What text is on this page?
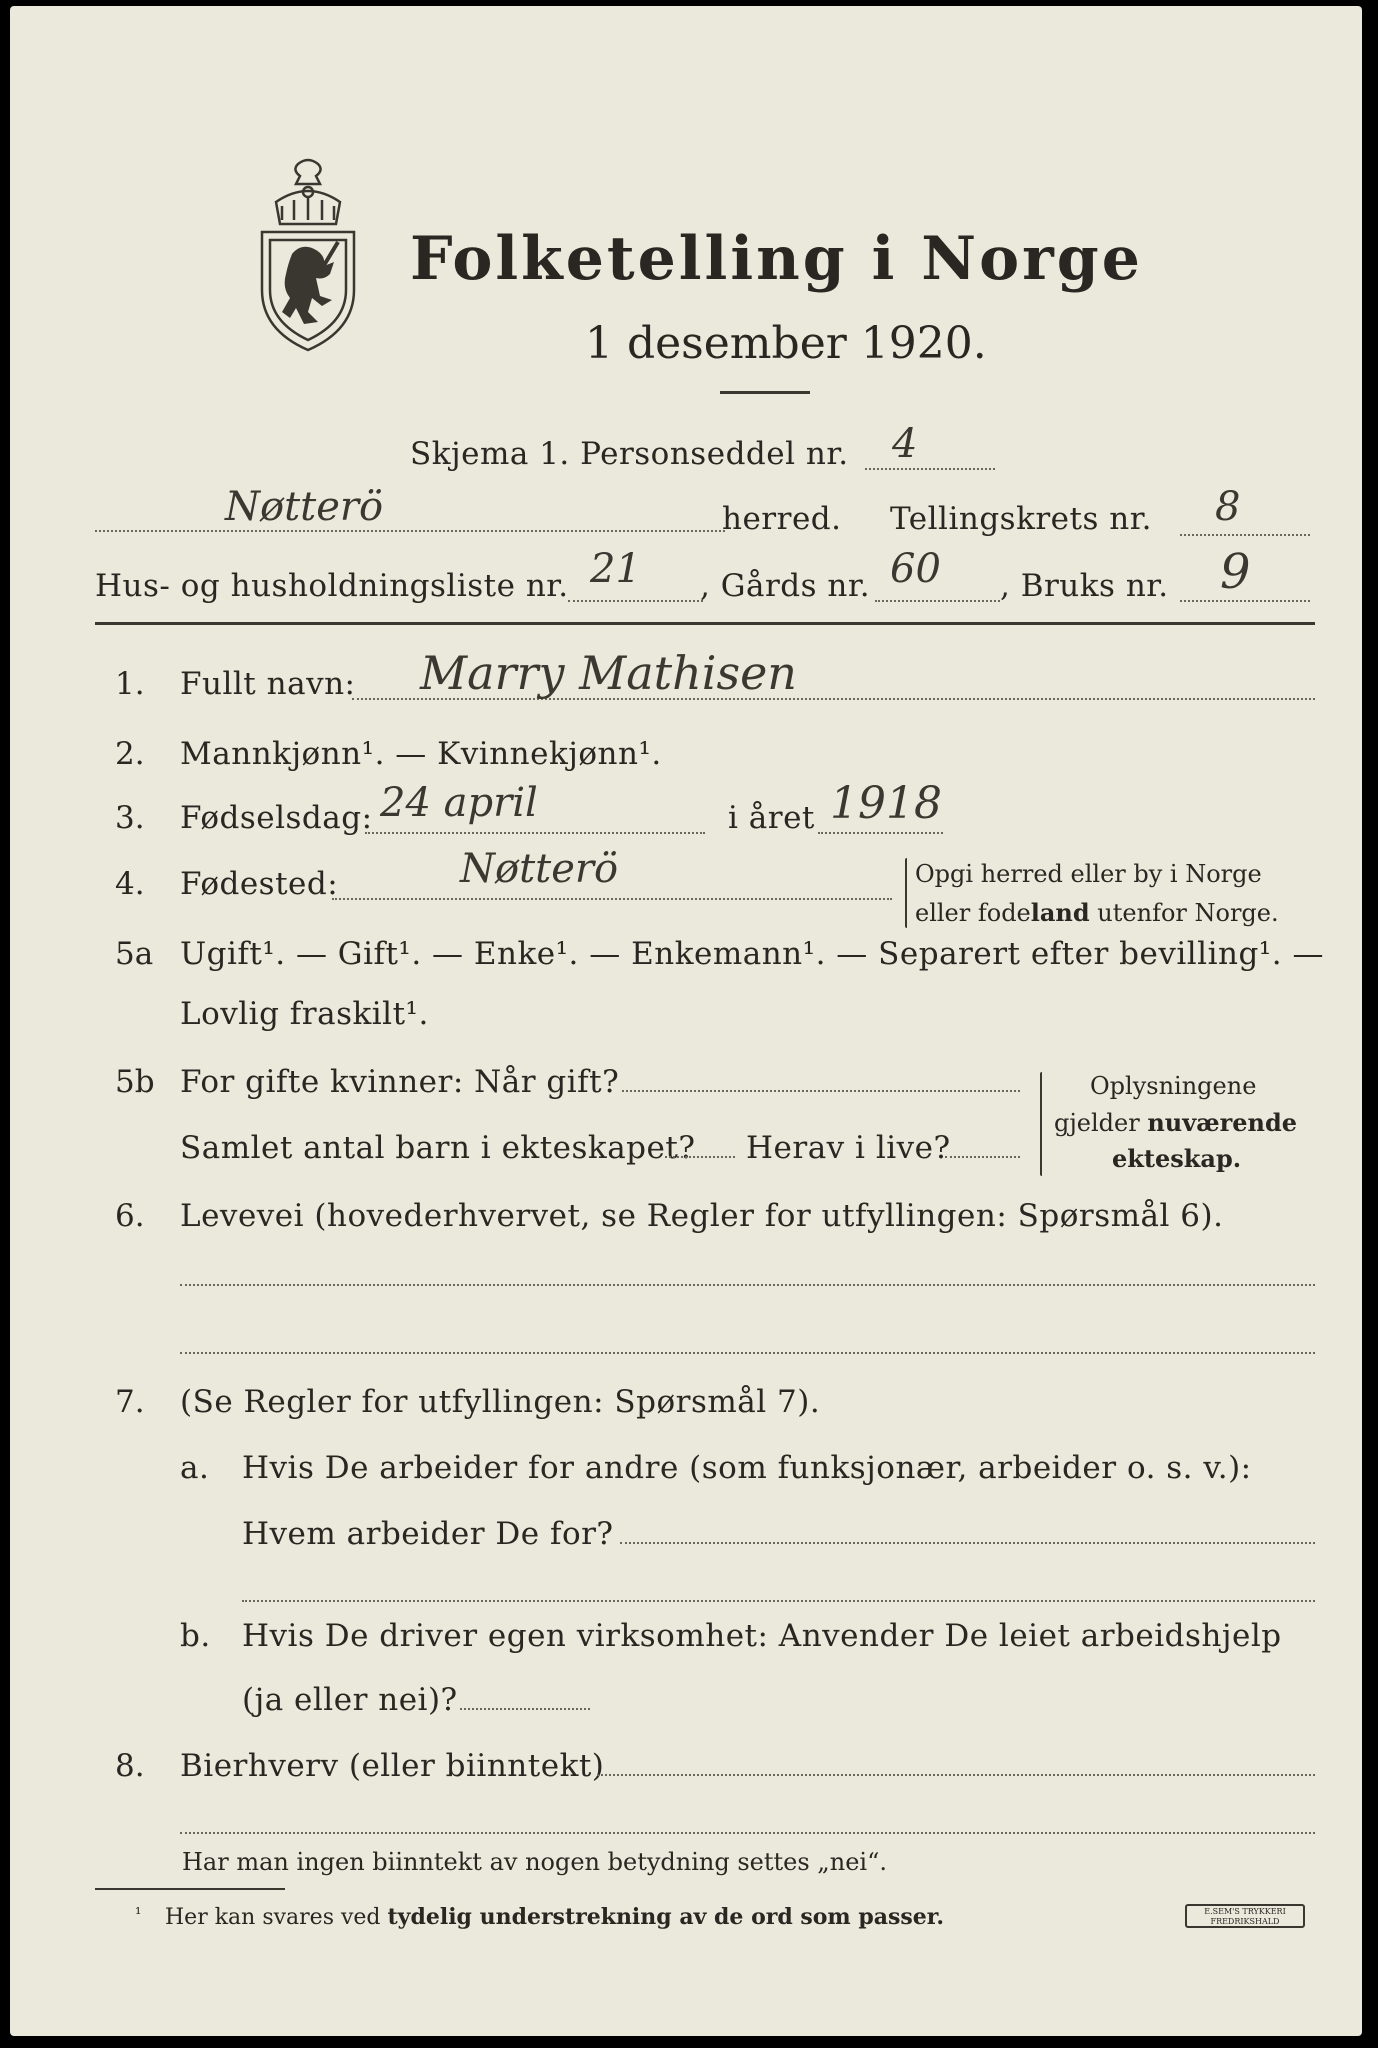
Folketelling i Norge
1 desember 1920.
Skjema 1. Personseddel nr. 4
Nøtterö	herred. Tellingskrets nr. 8
Hus- og husholdningsliste nr. 21 , Gårds nr. 60 , Bruks nr. 9
1. Fullt navn: Marry Mathisen
2. Mannkjønn¹. — Kvinnekjønn¹.
3. Fødselsdag: 24 april	i året 1918
4. Fødested:	Nøtterö	Opgi herred eller by i Norge
eller fodeland utenfor Norge.
5a Ugift¹. — Gift¹. — Enke¹. — Enkemann¹. — Separert efter bevilling¹. —
Lovlig fraskilt¹.
5b For gifte kvinner: Når gift?
Samlet antal barn i ekteskapet? Herav i live?
Oplysningene
gjelder nuværende
ekteskap.
6. Levevei (hovederhvervet, se Regler for utfyllingen: Spørsmål 6).
7. (Se Regler for utfyllingen: Spørsmål 7).
a. Hvis De arbeider for andre (som funksjonær, arbeider o. s. v.):
Hvem arbeider De for?
b. Hvis De driver egen virksomhet: Anvender De leiet arbeidshjelp
(ja eller nei)?
8. Bierhverv (eller biinntekt)
Har man ingen biinntekt av nogen betydning settes „nei“.
¹ Her kan svares ved tydelig understrekning av de ord som passer.	E.SEM'S TRYKKERI
FREDRIKSHALD
